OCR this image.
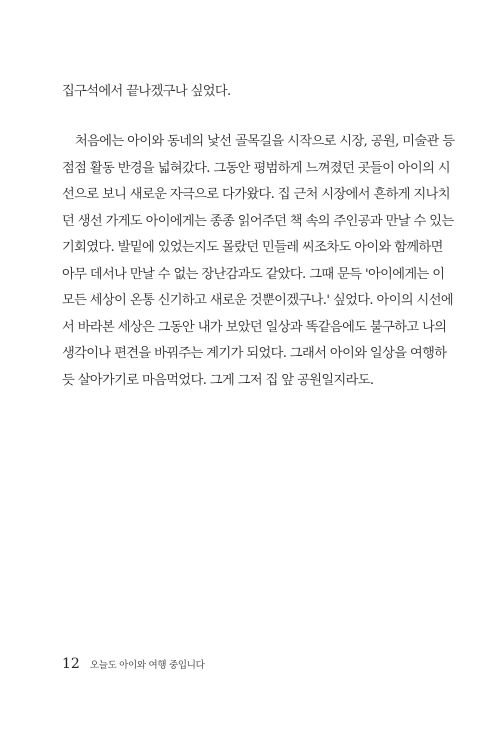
집구석에서 끝나겠구나 싶었다.
처음에는 아이와 동네의 낯선 골목길을 시작으로 시장, 공원, 미술관 등
점점 활동 반경을 넓혀갔다. 그동안 평범하게 느껴졌던 곳들이 아이의 시
선으로 보니 새로운 자극으로 다가왔다. 집 근처 시장에서 흔하게 지나치
던 생선 가게도 아이에게는 종종 읽어주던 책 속의 주인공과 만날 수 있는
기회였다. 발밑에 있었는지도 몰랐던 민들레 씨조차도 아이와 함께하면
아무 데서나 만날 수 없는 장난감과도 같았다. 그때 문득 '아이에게는 이
모든 세상이 온통 신기하고 새로운 것뿐이겠구나.' 싶었다. 아이의 시선에
서 바라본 세상은 그동안 내가 보았던 일상과 똑같음에도 불구하고 나의
생각이나 편견을 바꿔주는 계기가 되었다. 그래서 아이와 일상을 여행하
듯 살아가기로 마음먹었다. 그게 그저 집 앞 공원일지라도.
12 오늘도 아이와 여행 중입니다
